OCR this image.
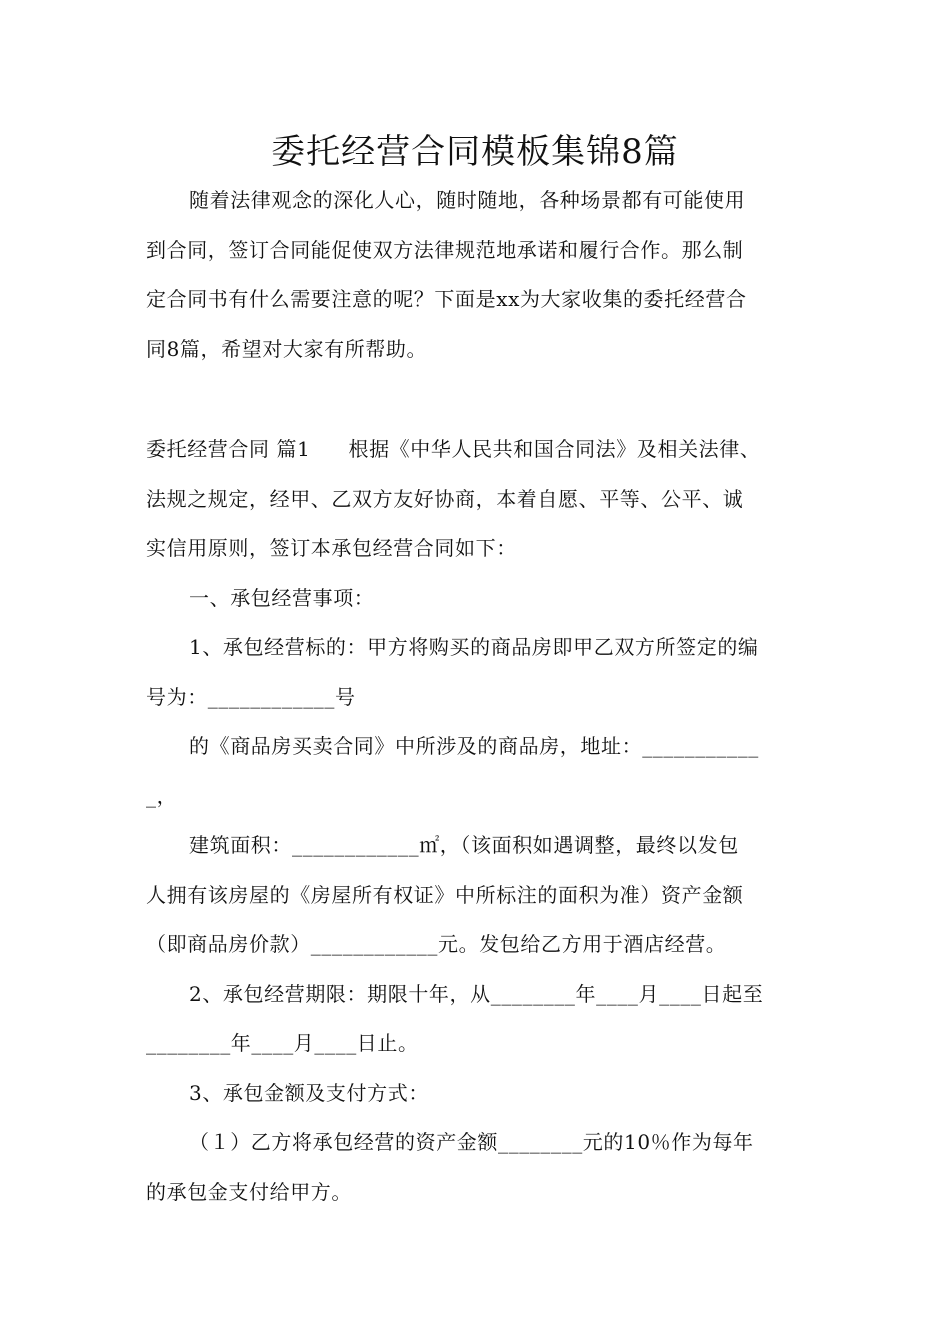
委托经营合同模板集锦8篇
随着法律观念的深化人心，随时随地，各种场景都有可能使用
到合同，签订合同能促使双方法律规范地承诺和履行合作。那么制
定合同书有什么需要注意的呢？下面是xx为大家收集的委托经营合
同8篇，希望对大家有所帮助。
委托经营合同 篇1 根据《中华人民共和国合同法》及相关法律、
法规之规定，经甲、乙双方友好协商，本着自愿、平等、公平、诚
实信用原则，签订本承包经营合同如下：
一、承包经营事项：
1、承包经营标的：甲方将购买的商品房即甲乙双方所签定的编
号为：____________号
的《商品房买卖合同》中所涉及的商品房，地址：___________
_，
建筑面积：____________㎡，（该面积如遇调整，最终以发包
人拥有该房屋的《房屋所有权证》中所标注的面积为准）资产金额
（即商品房价款）____________元。发包给乙方用于酒店经营。
2、承包经营期限：期限十年，从________年____月____日起至
________年____月____日止。
3、承包金额及支付方式：
（１）乙方将承包经营的资产金额________元的10％作为每年
的承包金支付给甲方。
